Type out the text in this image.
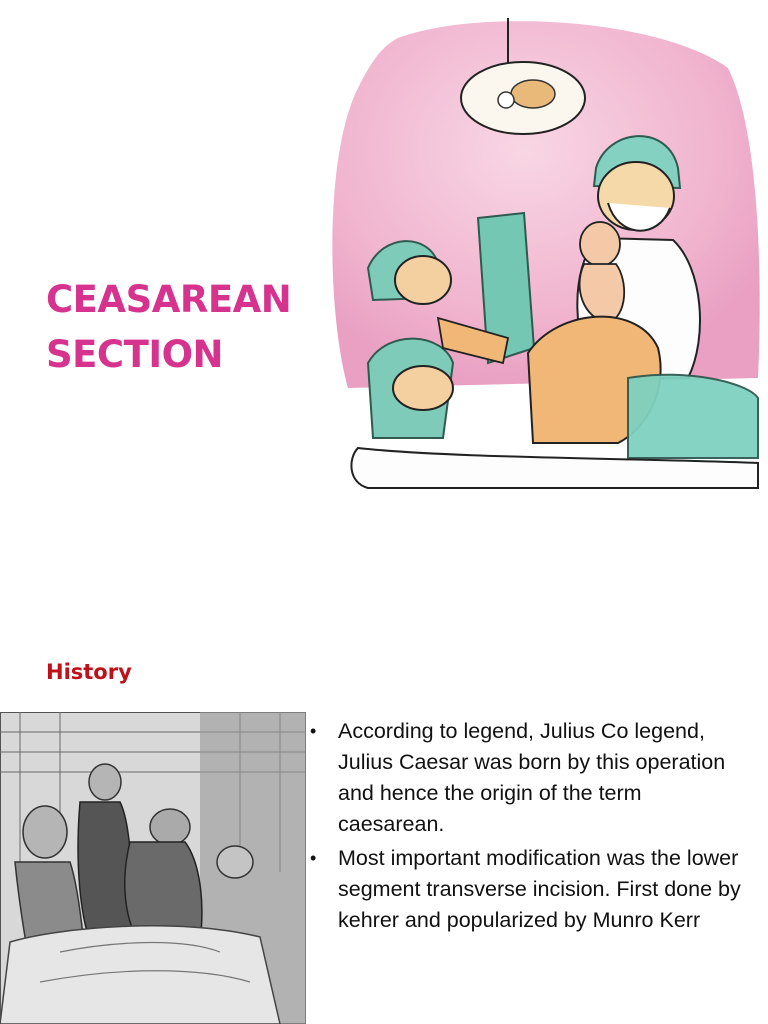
CEASAREAN
SECTION
History
• According to legend, Julius Co legend, Julius Caesar was born by this operation and hence the origin of the term caesarean.
• Most important modification was the lower segment transverse incision. First done by kehrer and popularized by Munro Kerr
